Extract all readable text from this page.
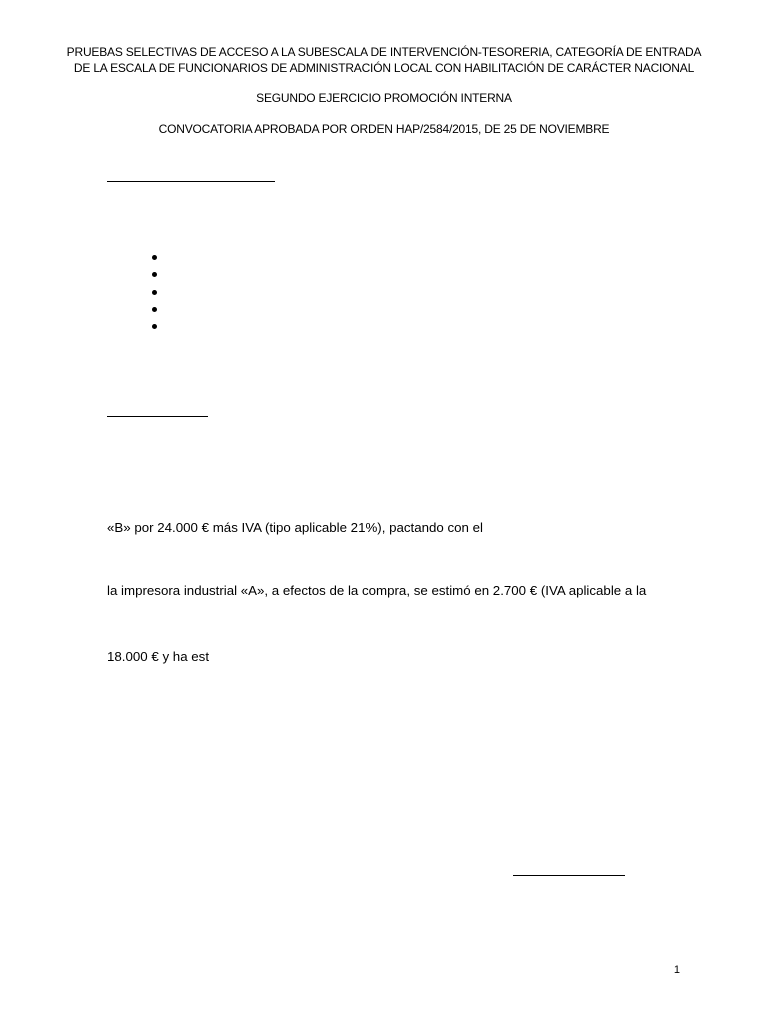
PRUEBAS SELECTIVAS DE ACCESO A LA SUBESCALA DE INTERVENCIÓN-TESORERIA, CATEGORÍA DE ENTRADA
DE LA ESCALA DE FUNCIONARIOS DE ADMINISTRACIÓN LOCAL CON HABILITACIÓN DE CARÁCTER NACIONAL
SEGUNDO EJERCICIO PROMOCIÓN INTERNA
CONVOCATORIA APROBADA POR ORDEN HAP/2584/2015, DE 25 DE NOVIEMBRE
«B» por 24.000 € más IVA (tipo aplicable 21%), pactando con el
la impresora industrial «A», a efectos de la compra, se estimó en 2.700 € (IVA aplicable a la
18.000 € y ha est
1
